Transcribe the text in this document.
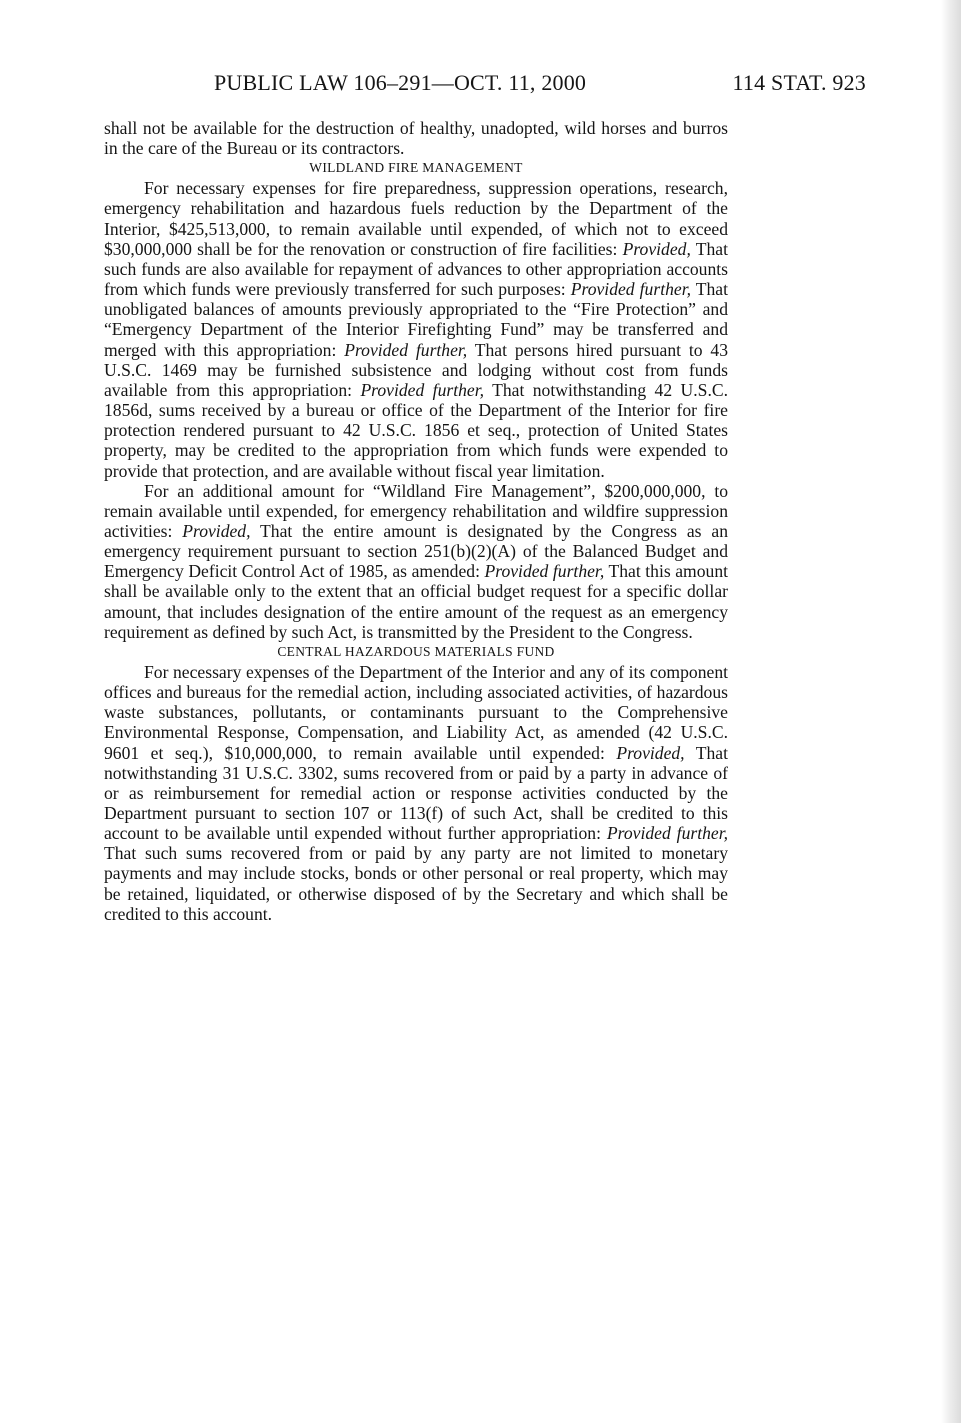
PUBLIC LAW 106–291—OCT. 11, 2000	114 STAT. 923

shall not be available for the destruction of healthy, unadopted, wild horses and burros in the care of the Bureau or its contractors.

WILDLAND FIRE MANAGEMENT

For necessary expenses for fire preparedness, suppression operations, research, emergency rehabilitation and hazardous fuels reduction by the Department of the Interior, $425,513,000, to remain available until expended, of which not to exceed $30,000,000 shall be for the renovation or construction of fire facilities: Provided, That such funds are also available for repayment of advances to other appropriation accounts from which funds were previously transferred for such purposes: Provided further, That unobligated balances of amounts previously appropriated to the “Fire Protection” and “Emergency Department of the Interior Firefighting Fund” may be transferred and merged with this appropriation: Provided further, That persons hired pursuant to 43 U.S.C. 1469 may be furnished subsistence and lodging without cost from funds available from this appropriation: Provided further, That notwithstanding 42 U.S.C. 1856d, sums received by a bureau or office of the Department of the Interior for fire protection rendered pursuant to 42 U.S.C. 1856 et seq., protection of United States property, may be credited to the appropriation from which funds were expended to provide that protection, and are available without fiscal year limitation.

For an additional amount for “Wildland Fire Management”, $200,000,000, to remain available until expended, for emergency rehabilitation and wildfire suppression activities: Provided, That the entire amount is designated by the Congress as an emergency requirement pursuant to section 251(b)(2)(A) of the Balanced Budget and Emergency Deficit Control Act of 1985, as amended: Provided further, That this amount shall be available only to the extent that an official budget request for a specific dollar amount, that includes designation of the entire amount of the request as an emergency requirement as defined by such Act, is transmitted by the President to the Congress.

CENTRAL HAZARDOUS MATERIALS FUND

For necessary expenses of the Department of the Interior and any of its component offices and bureaus for the remedial action, including associated activities, of hazardous waste substances, pollutants, or contaminants pursuant to the Comprehensive Environmental Response, Compensation, and Liability Act, as amended (42 U.S.C. 9601 et seq.), $10,000,000, to remain available until expended: Provided, That notwithstanding 31 U.S.C. 3302, sums recovered from or paid by a party in advance of or as reimbursement for remedial action or response activities conducted by the Department pursuant to section 107 or 113(f) of such Act, shall be credited to this account to be available until expended without further appropriation: Provided further, That such sums recovered from or paid by any party are not limited to monetary payments and may include stocks, bonds or other personal or real property, which may be retained, liquidated, or otherwise disposed of by the Secretary and which shall be credited to this account.
